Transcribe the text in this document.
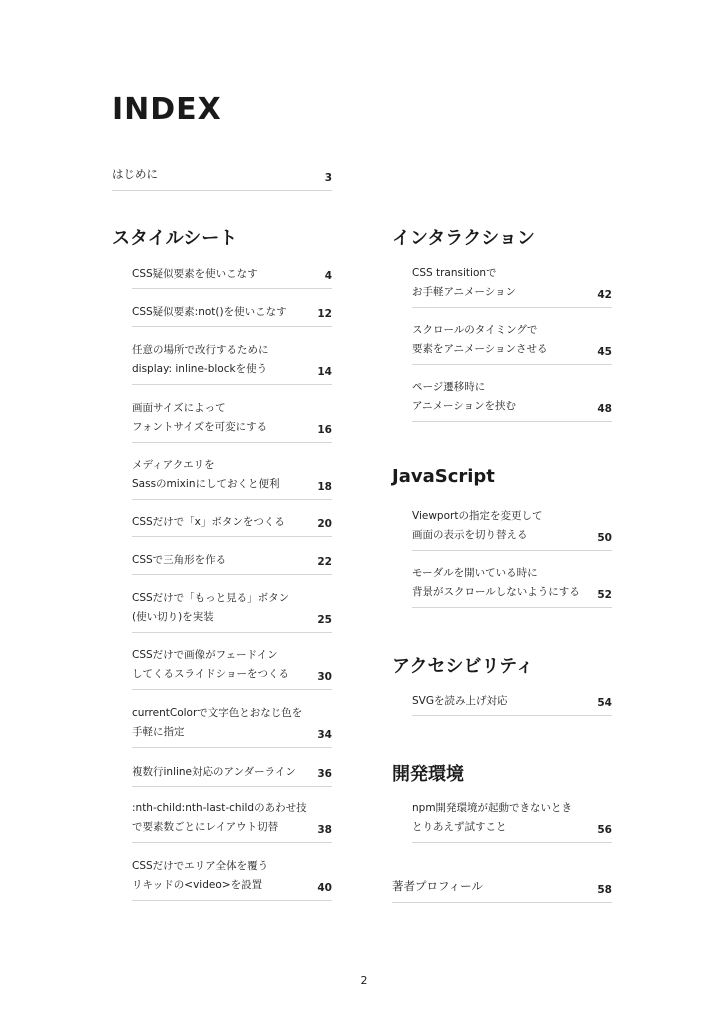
INDEX
はじめに	3
スタイルシート
CSS疑似要素を使いこなす	4
CSS疑似要素:not()を使いこなす	12
任意の場所で改行するために
display: inline-blockを使う	14
画面サイズによって
フォントサイズを可変にする	16
メディアクエリを
Sassのmixinにしておくと便利	18
CSSだけで「x」ボタンをつくる	20
CSSで三角形を作る	22
CSSだけで「もっと見る」ボタン
(使い切り)を実装	25
CSSだけで画像がフェードイン
してくるスライドショーをつくる	30
currentColorで文字色とおなじ色を
手軽に指定	34
複数行inline対応のアンダーライン 36
:nth-child:nth-last-childのあわせ技
で要素数ごとにレイアウト切替	38
CSSだけでエリア全体を覆う
リキッドの<video>を設置	40
インタラクション
CSS transitionで
お手軽アニメーション	42
スクロールのタイミングで
要素をアニメーションさせる	45
ページ遷移時に
アニメーションを挟む	48
JavaScript
Viewportの指定を変更して
画面の表示を切り替える	50
モーダルを開いている時に
背景がスクロールしないようにする 52
アクセシビリティ
SVGを読み上げ対応	54
開発環境
npm開発環境が起動できないとき
とりあえず試すこと	56
著者プロフィール	58
2
